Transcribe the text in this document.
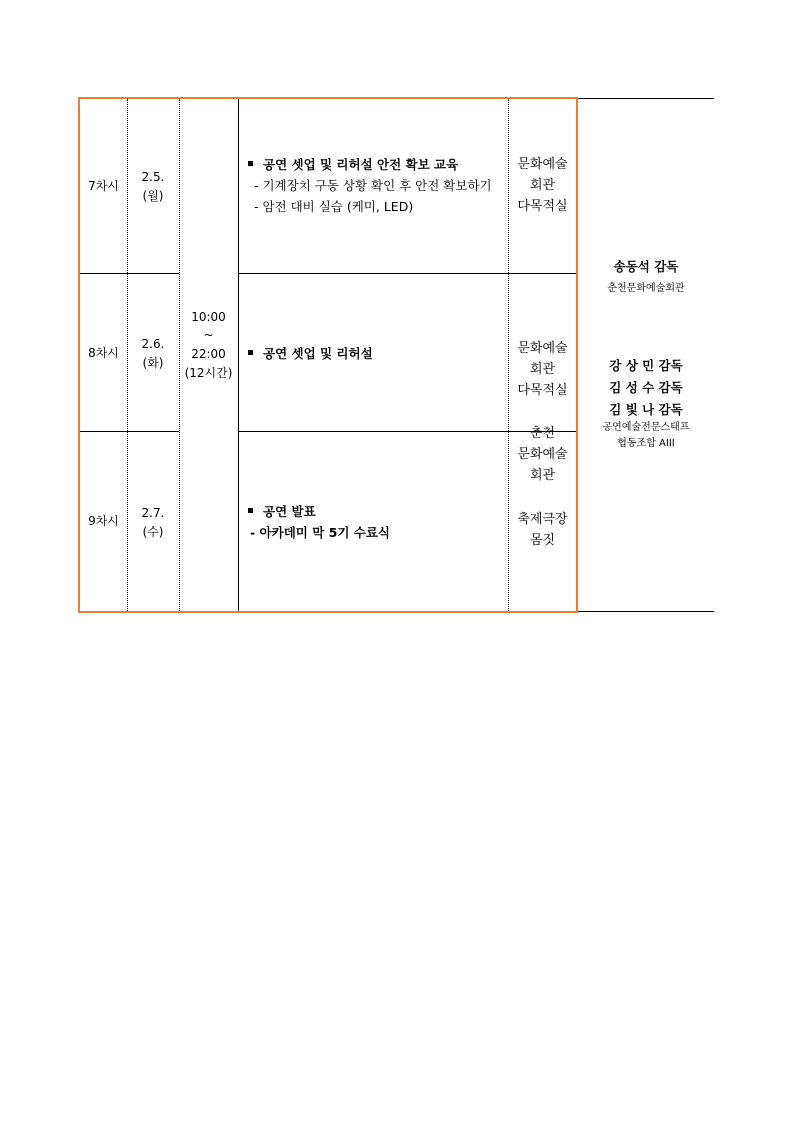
7차시
2.5.
(월)
공연 셋업 및 리허설 안전 확보 교육
- 기계장치 구동 상황 확인 후 안전 확보하기
- 암전 대비 실습 (케미, LED)
문화예술
회관
다목적실
8차시
2.6.
(화)
공연 셋업 및 리허설	문화예술
회관
다목적실
9차시
2.7.
(수)
공연 발표
- 아카데미 막 5기 수료식
춘천
문화예술
회관
축제극장
몸짓
10:00
~
22:00
(12시간)
송동석 감독
춘천문화예술회관
강 상 민 감독
김 성 수 감독
김 빛 나 감독
공연예술전문스태프
협동조합 AIII
